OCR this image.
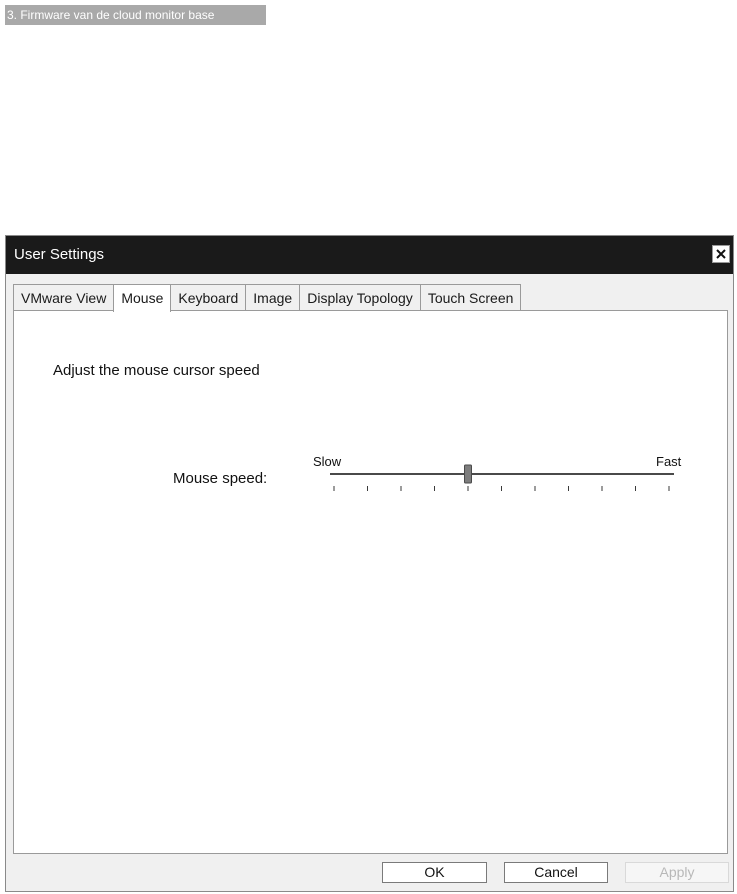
3. Firmware van de cloud monitor base
User Settings
VMware View	Mouse	Keyboard	Image	Display Topology	Touch Screen
Adjust the mouse cursor speed
Mouse speed:
Slow	Fast
OK	Cancel	Apply
